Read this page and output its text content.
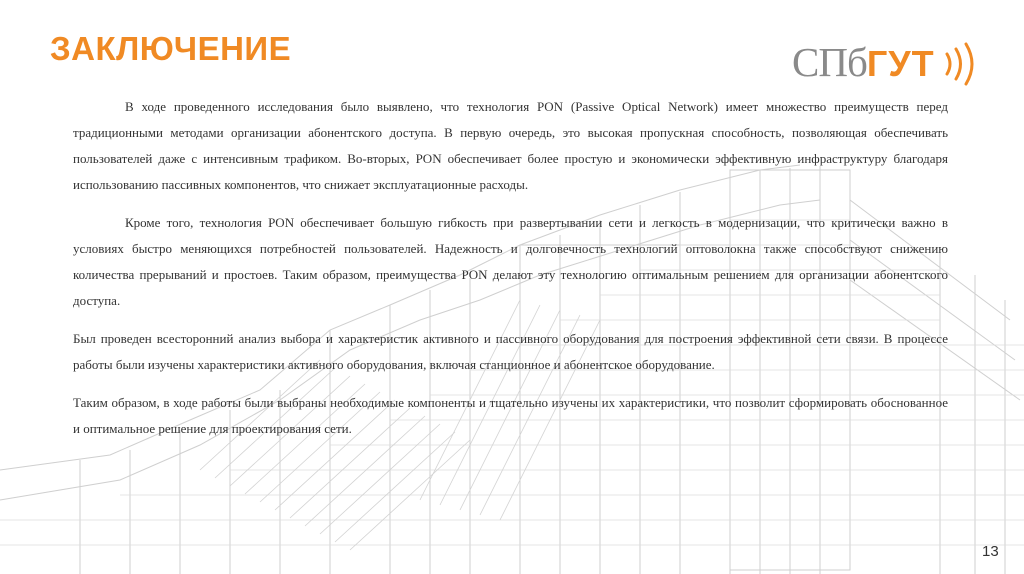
ЗАКЛЮЧЕНИЕ	СПбГУТ

В ходе проведенного исследования было выявлено, что технология PON (Passive Optical Network) имеет множество преимуществ перед традиционными методами организации абонентского доступа. В первую очередь, это высокая пропускная способность, позволяющая обеспечивать пользователей даже с интенсивным трафиком. Во-вторых, PON обеспечивает более простую и экономически эффективную инфраструктуру благодаря использованию пассивных компонентов, что снижает эксплуатационные расходы.

Кроме того, технология PON обеспечивает большую гибкость при развертывании сети и легкость в модернизации, что критически важно в условиях быстро меняющихся потребностей пользователей. Надежность и долговечность технологий оптоволокна также способствуют снижению количества прерываний и простоев. Таким образом, преимущества PON делают эту технологию оптимальным решением для организации абонентского доступа.

Был проведен всесторонний анализ выбора и характеристик активного и пассивного оборудования для построения эффективной сети связи. В процессе работы были изучены характеристики активного оборудования, включая станционное и абонентское оборудование.

Таким образом, в ходе работы были выбраны необходимые компоненты и тщательно изучены их характеристики, что позволит сформировать обоснованное и оптимальное решение для проектирования сети.

13
